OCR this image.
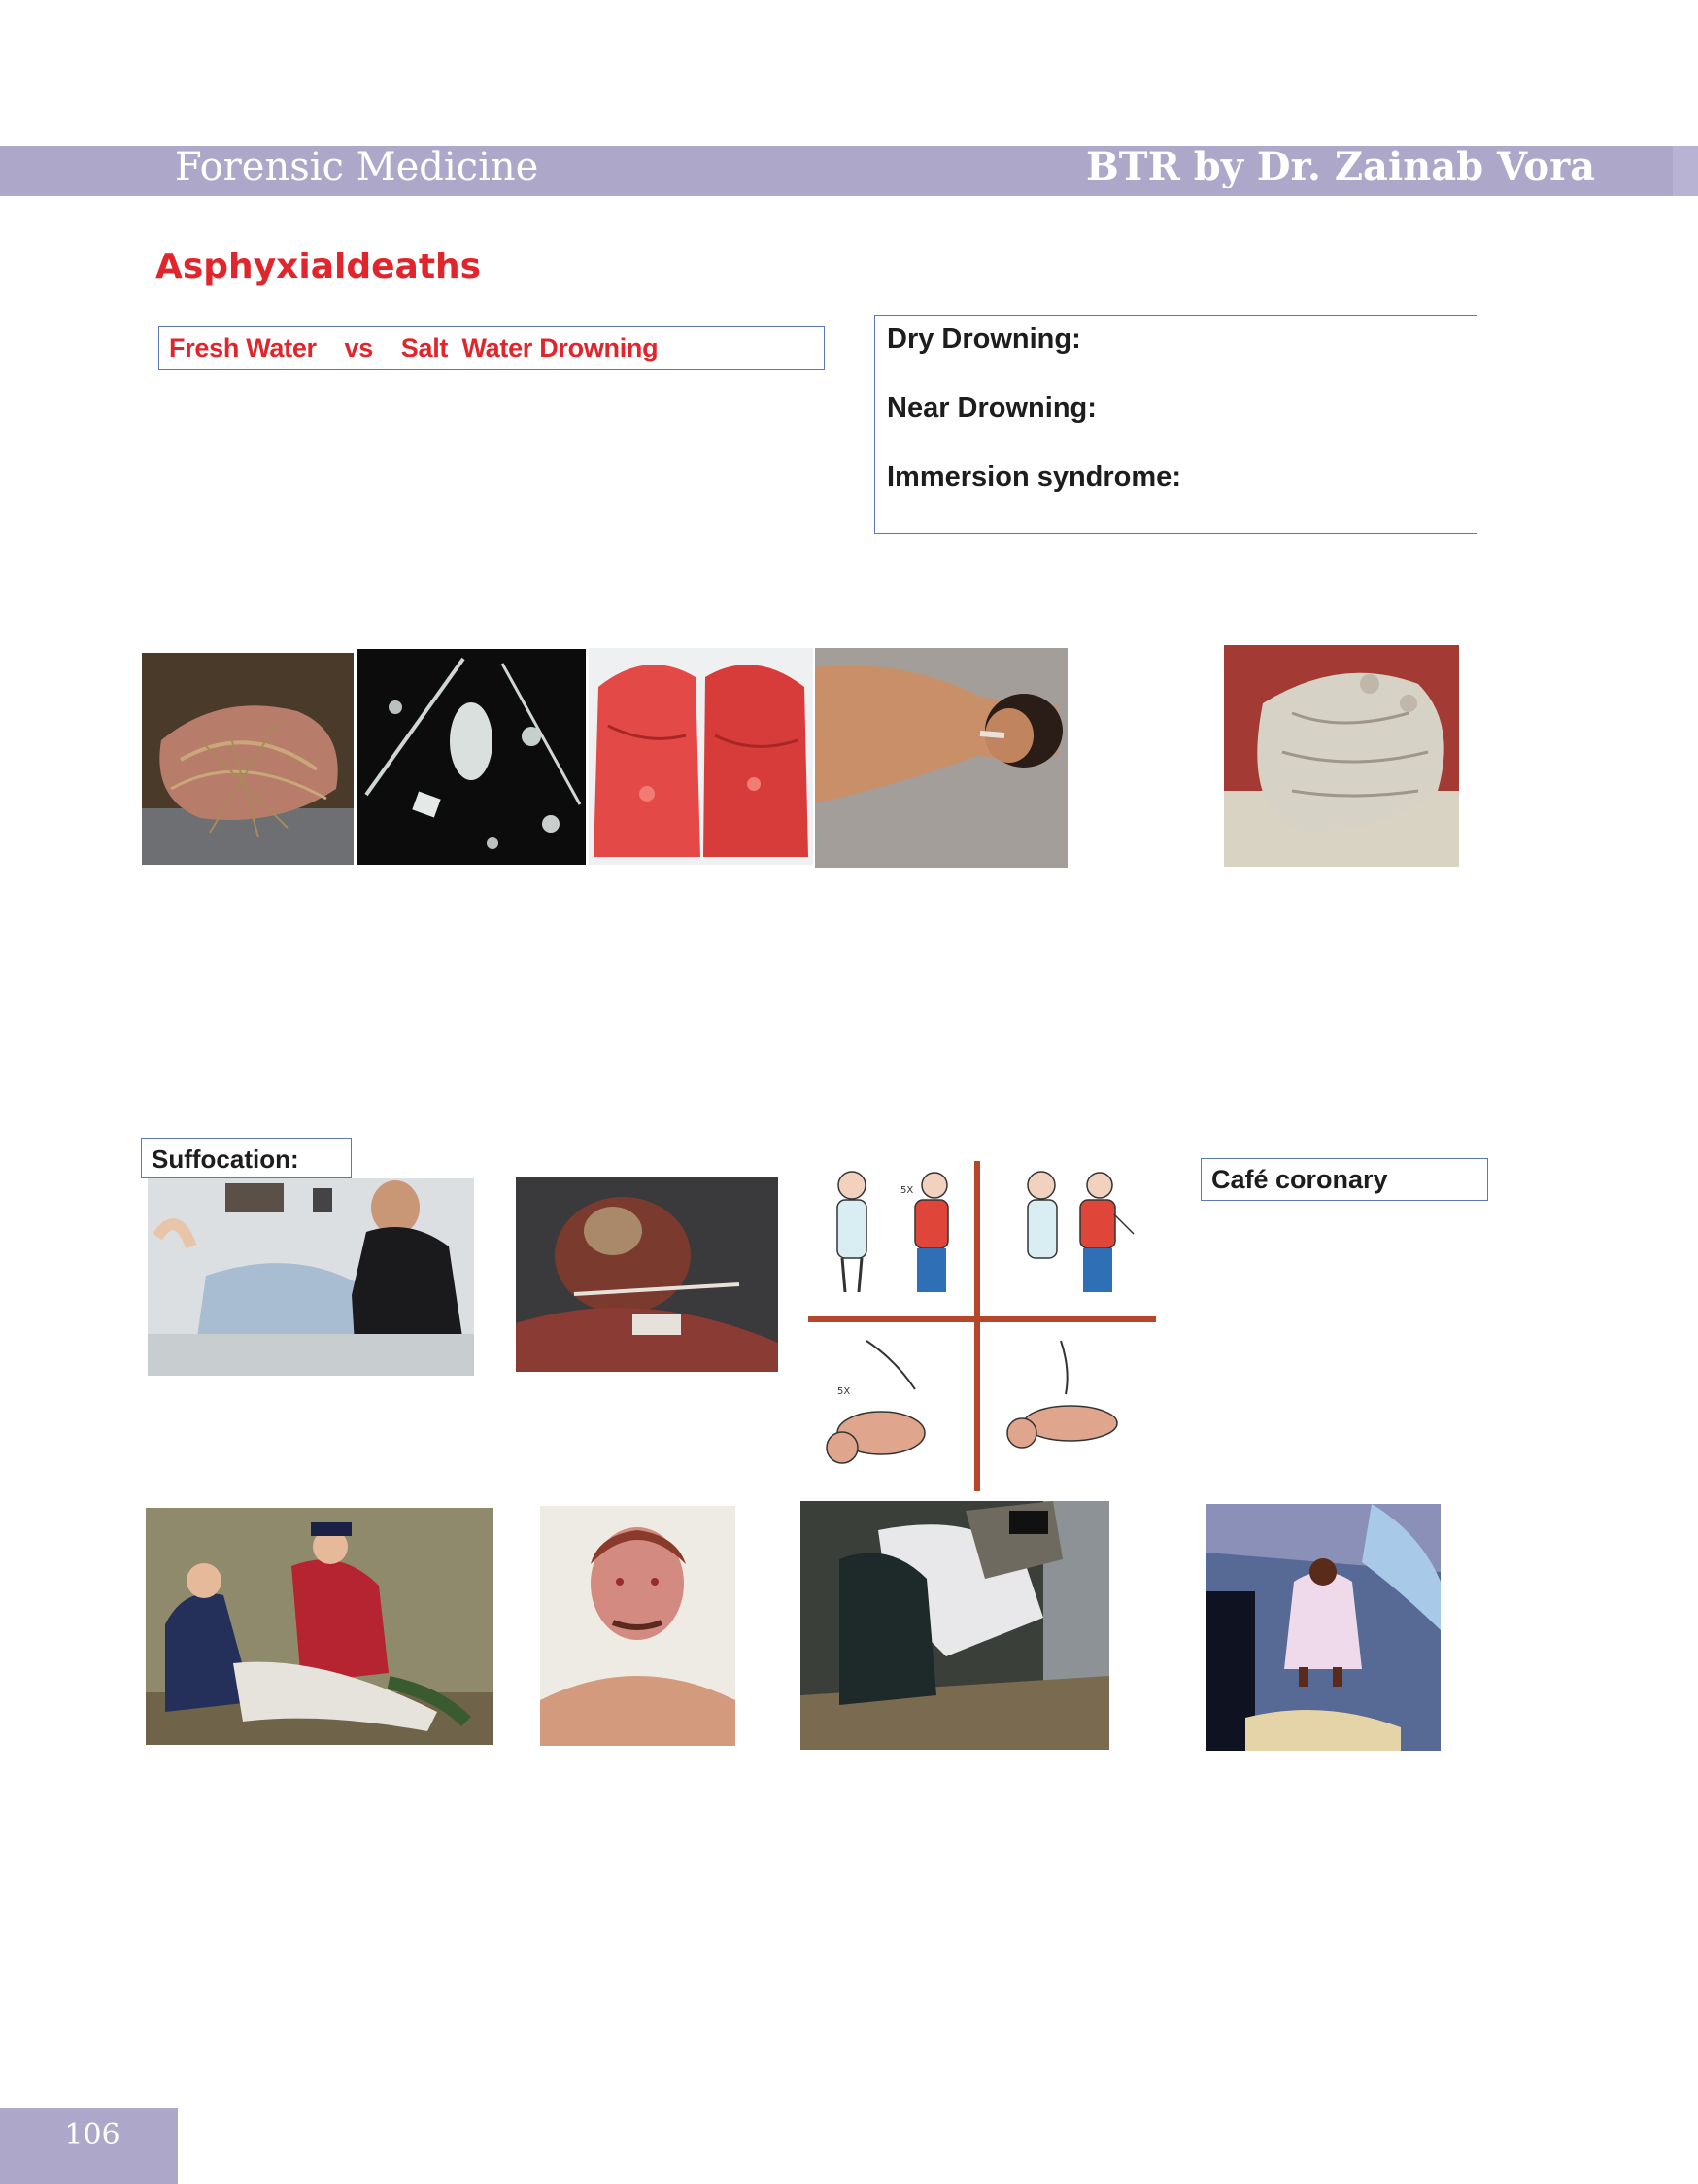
Forensic Medicine	BTR by Dr. Zainab Vora
Asphyxialdeaths
Fresh Water    vs    Salt  Water Drowning	Dry Drowning:
Near Drowning:
Immersion syndrome:
Suffocation:
5X
5X
Café coronary
106
